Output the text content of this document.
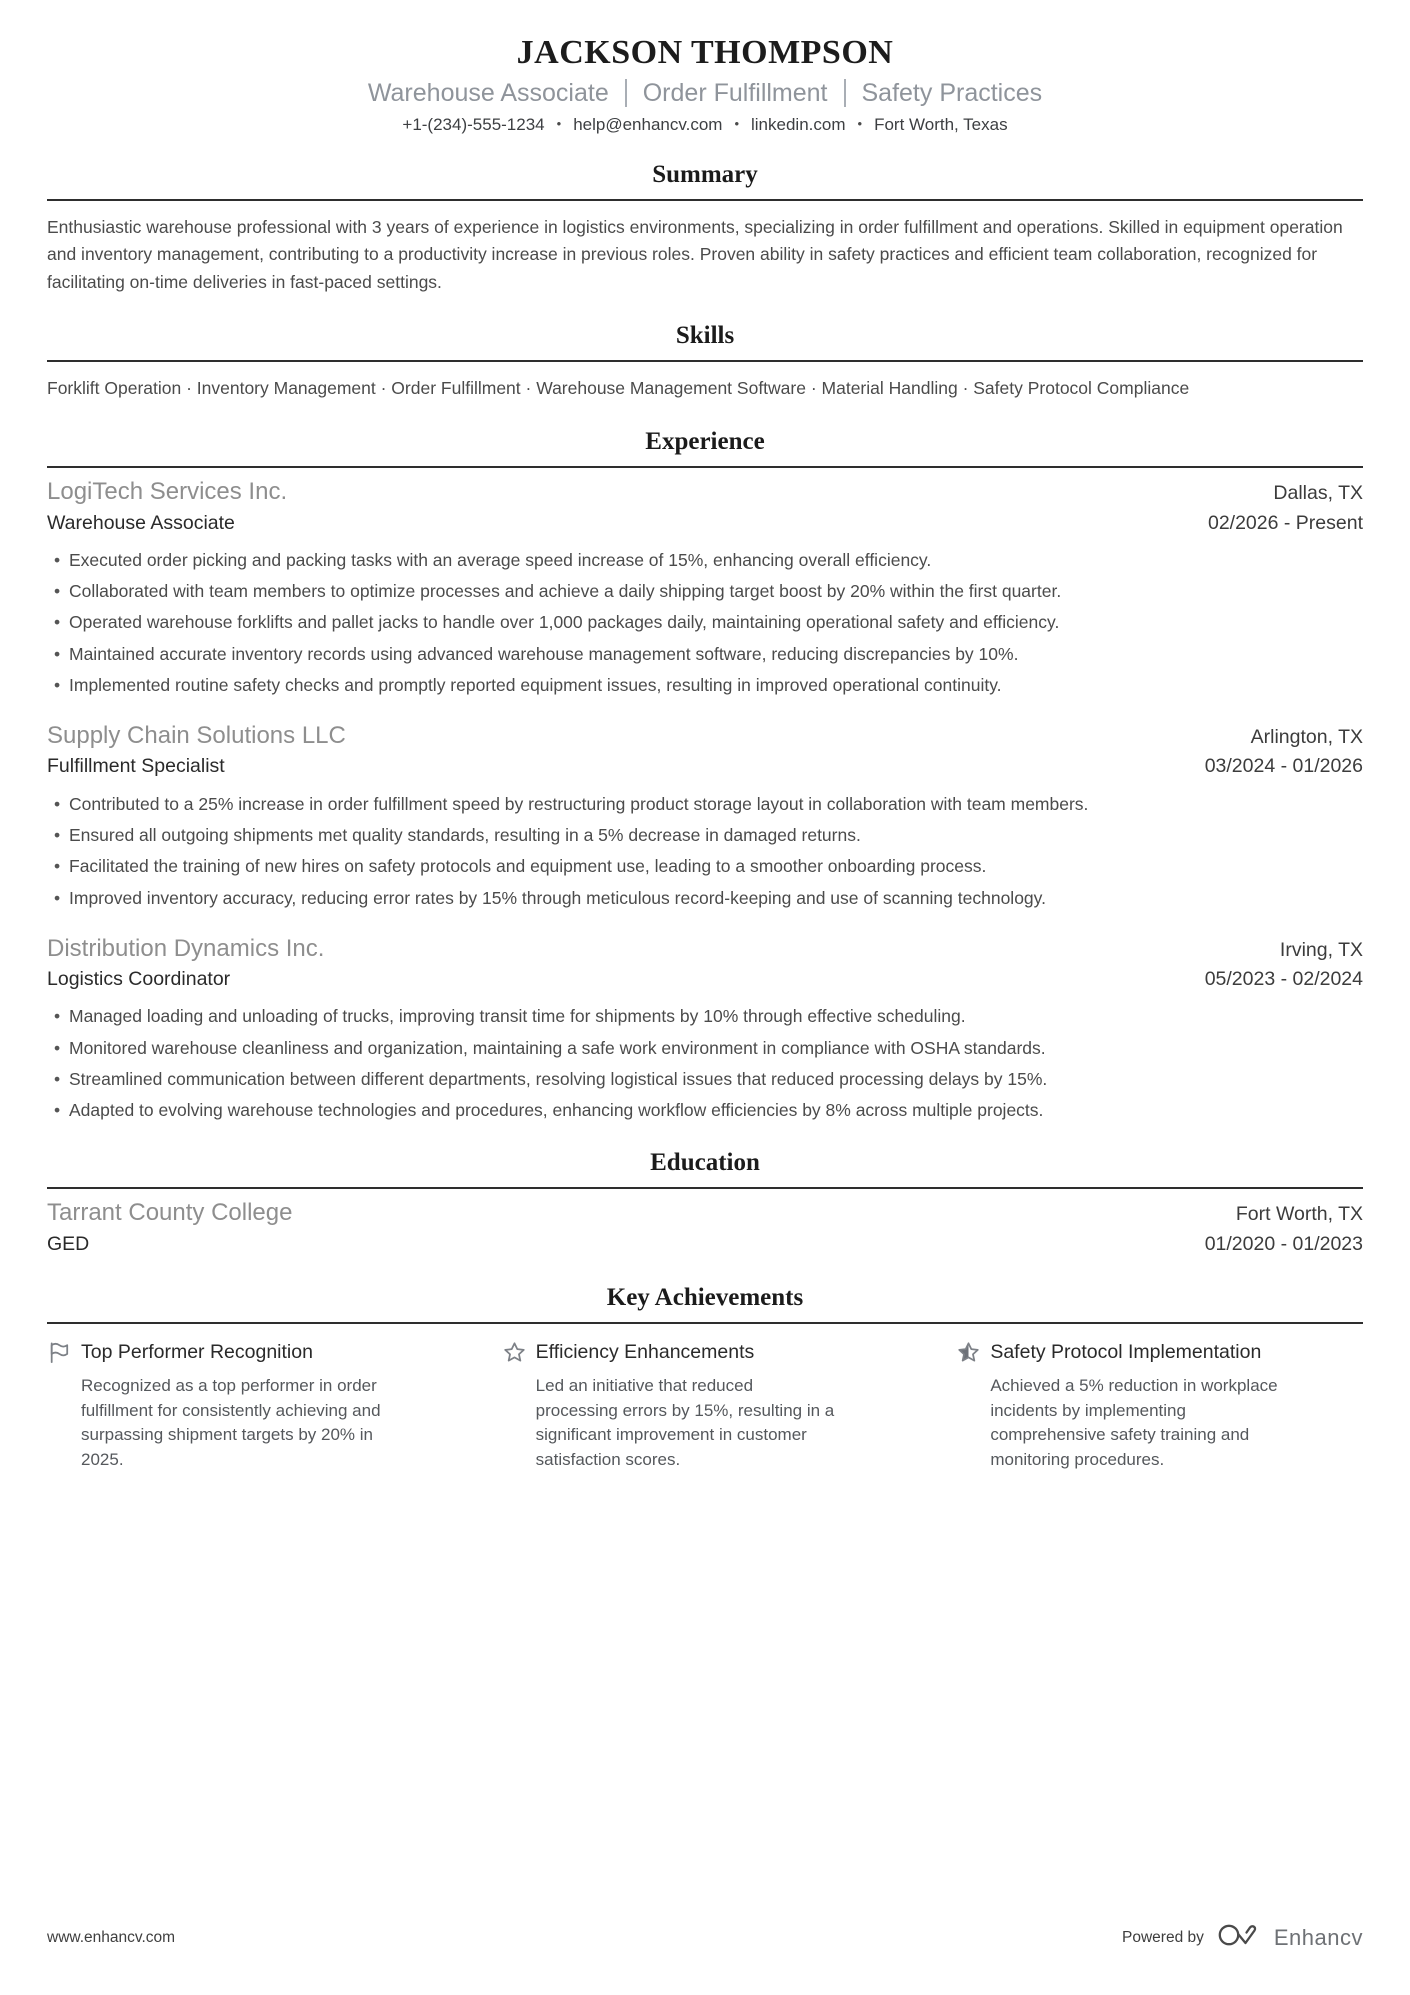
JACKSON THOMPSON
Warehouse Associate Order Fulfillment Safety Practices
+1-(234)-555-1234 • help@enhancv.com • linkedin.com • Fort Worth, Texas
Summary

Enthusiastic warehouse professional with 3 years of experience in logistics environments, specializing in order fulfillment and operations. Skilled in equipment operation and inventory management, contributing to a productivity increase in previous roles. Proven ability in safety practices and efficient team collaboration, recognized for facilitating on-time deliveries in fast-paced settings.

Skills
Forklift Operation · Inventory Management · Order Fulfillment · Warehouse Management Software · Material Handling · Safety Protocol Compliance
Experience
LogiTech Services Inc.	Dallas, TX
Warehouse Associate	02/2026 - Present
• Executed order picking and packing tasks with an average speed increase of 15%, enhancing overall efficiency.
• Collaborated with team members to optimize processes and achieve a daily shipping target boost by 20% within the first quarter.
• Operated warehouse forklifts and pallet jacks to handle over 1,000 packages daily, maintaining operational safety and efficiency.
• Maintained accurate inventory records using advanced warehouse management software, reducing discrepancies by 10%.
• Implemented routine safety checks and promptly reported equipment issues, resulting in improved operational continuity.
Supply Chain Solutions LLC	Arlington, TX
Fulfillment Specialist	03/2024 - 01/2026
• Contributed to a 25% increase in order fulfillment speed by restructuring product storage layout in collaboration with team members.
• Ensured all outgoing shipments met quality standards, resulting in a 5% decrease in damaged returns.
• Facilitated the training of new hires on safety protocols and equipment use, leading to a smoother onboarding process.
• Improved inventory accuracy, reducing error rates by 15% through meticulous record-keeping and use of scanning technology.
Distribution Dynamics Inc.	Irving, TX
Logistics Coordinator	05/2023 - 02/2024
• Managed loading and unloading of trucks, improving transit time for shipments by 10% through effective scheduling.
• Monitored warehouse cleanliness and organization, maintaining a safe work environment in compliance with OSHA standards.
• Streamlined communication between different departments, resolving logistical issues that reduced processing delays by 15%.
• Adapted to evolving warehouse technologies and procedures, enhancing workflow efficiencies by 8% across multiple projects.
Education
Tarrant County College	Fort Worth, TX
GED	01/2020 - 01/2023
Key Achievements
Top Performer Recognition

Recognized as a top performer in order fulfillment for consistently achieving and surpassing shipment targets by 20% in 2025.

Efficiency Enhancements

Led an initiative that reduced processing errors by 15%, resulting in a significant improvement in customer satisfaction scores.

Safety Protocol Implementation

Achieved a 5% reduction in workplace incidents by implementing comprehensive safety training and monitoring procedures.

www.enhancv.com	Powered by	Enhancv
